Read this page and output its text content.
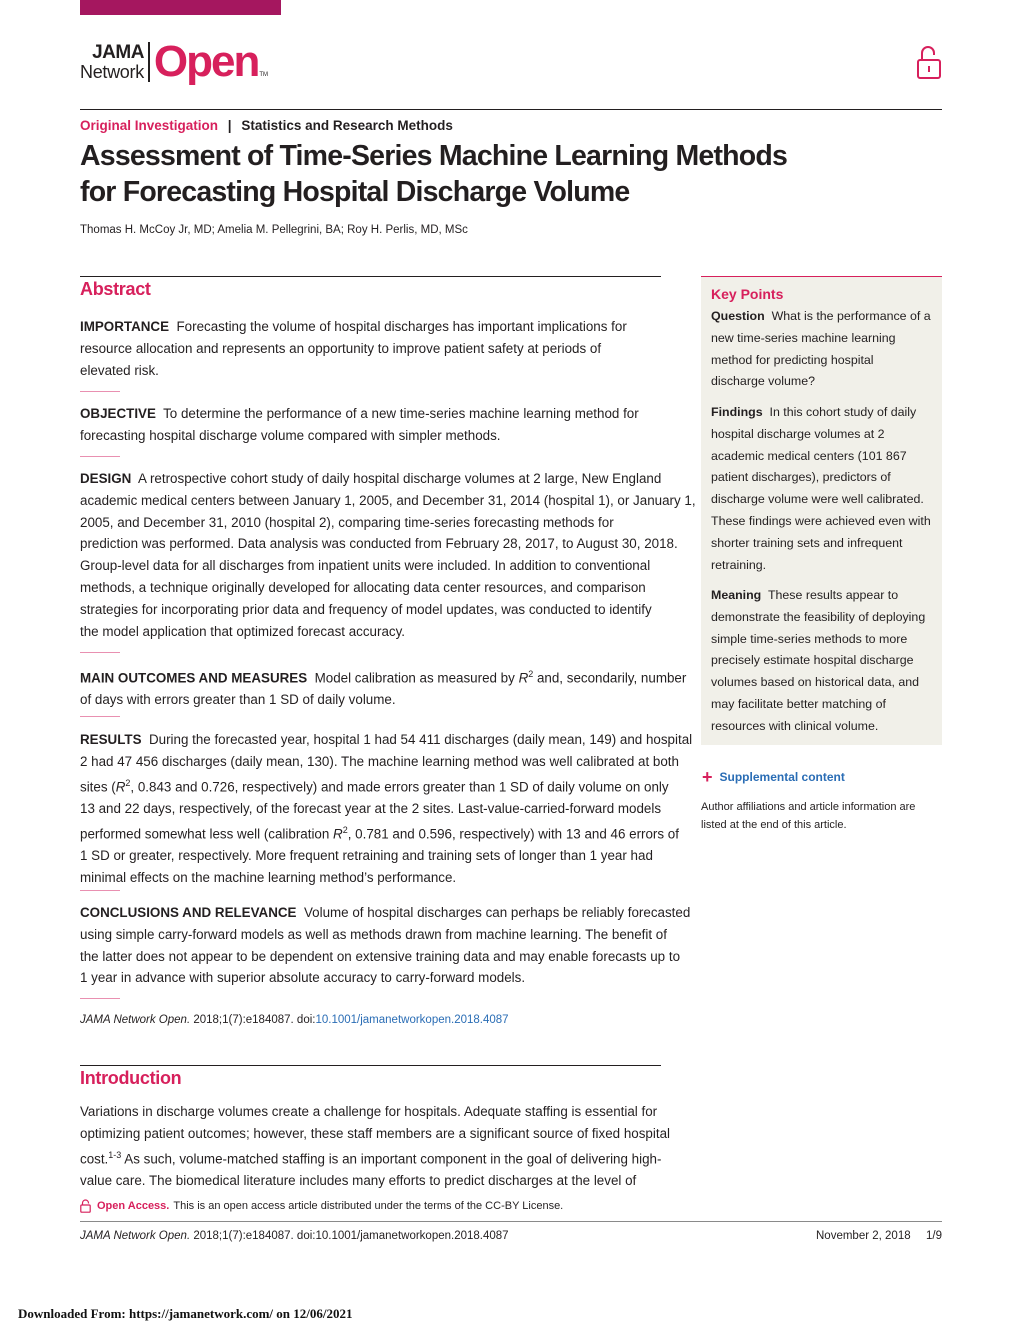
JAMA
Network Open TM
Original Investigation | Statistics and Research Methods
Assessment of Time-Series Machine Learning Methods
for Forecasting Hospital Discharge Volume
Thomas H. McCoy Jr, MD; Amelia M. Pellegrini, BA; Roy H. Perlis, MD, MSc
Abstract
IMPORTANCE Forecasting the volume of hospital discharges has important implications for
resource allocation and represents an opportunity to improve patient safety at periods of
elevated risk.
OBJECTIVE To determine the performance of a new time-series machine learning method for
forecasting hospital discharge volume compared with simpler methods.
DESIGN A retrospective cohort study of daily hospital discharge volumes at 2 large, New England
academic medical centers between January 1, 2005, and December 31, 2014 (hospital 1), or January 1,
2005, and December 31, 2010 (hospital 2), comparing time-series forecasting methods for
prediction was performed. Data analysis was conducted from February 28, 2017, to August 30, 2018.
Group-level data for all discharges from inpatient units were included. In addition to conventional
methods, a technique originally developed for allocating data center resources, and comparison
strategies for incorporating prior data and frequency of model updates, was conducted to identify
the model application that optimized forecast accuracy.
MAIN OUTCOMES AND MEASURES Model calibration as measured by $R^2$ and, secondarily, number
of days with errors greater than 1 SD of daily volume.
RESULTS During the forecasted year, hospital 1 had 54 411 discharges (daily mean, 149) and hospital
2 had 47 456 discharges (daily mean, 130). The machine learning method was well calibrated at both
sites ($R^2$, 0.843 and 0.726, respectively) and made errors greater than 1 SD of daily volume on only
13 and 22 days, respectively, of the forecast year at the 2 sites. Last-value-carried-forward models
performed somewhat less well (calibration $R^2$, 0.781 and 0.596, respectively) with 13 and 46 errors of
1 SD or greater, respectively. More frequent retraining and training sets of longer than 1 year had
minimal effects on the machine learning method’s performance.
CONCLUSIONS AND RELEVANCE Volume of hospital discharges can perhaps be reliably forecasted
using simple carry-forward models as well as methods drawn from machine learning. The benefit of
the latter does not appear to be dependent on extensive training data and may enable forecasts up to
1 year in advance with superior absolute accuracy to carry-forward models.
JAMA Network Open. 2018;1(7):e184087. doi:10.1001/jamanetworkopen.2018.4087
Key Points
Question What is the performance of a
new time-series machine learning
method for predicting hospital
discharge volume?
Findings In this cohort study of daily
hospital discharge volumes at 2
academic medical centers (101 867
patient discharges), predictors of
discharge volume were well calibrated.
These findings were achieved even with
shorter training sets and infrequent
retraining.
Meaning These results appear to
demonstrate the feasibility of deploying
simple time-series methods to more
precisely estimate hospital discharge
volumes based on historical data, and
may facilitate better matching of
resources with clinical volume.
+ Supplemental content
Author affiliations and article information are
listed at the end of this article.
Introduction
Variations in discharge volumes create a challenge for hospitals. Adequate staffing is essential for
optimizing patient outcomes; however, these staff members are a significant source of fixed hospital
cost.$^{1-3}$ As such, volume-matched staffing is an important component in the goal of delivering high-
value care. The biomedical literature includes many efforts to predict discharges at the level of
Open Access. This is an open access article distributed under the terms of the CC-BY License.
JAMA Network Open. 2018;1(7):e184087. doi:10.1001/jamanetworkopen.2018.4087	November 2, 2018 1/9
Downloaded From: https://jamanetwork.com/ on 12/06/2021
